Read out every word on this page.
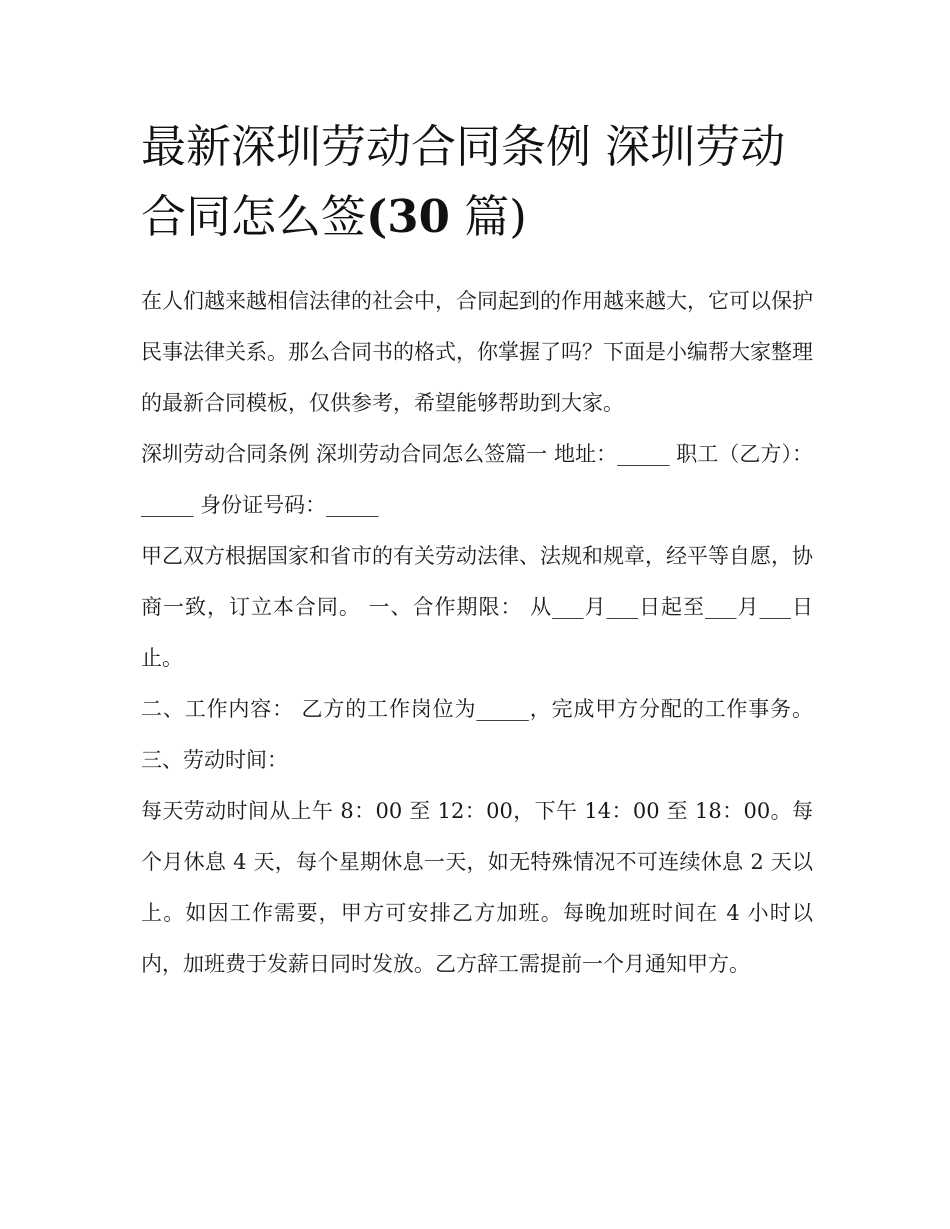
最新深圳劳动合同条例 深圳劳动合同怎么签(30 篇)

在人们越来越相信法律的社会中，合同起到的作用越来越大，它可以保护民事法律关系。那么合同书的格式，你掌握了吗？下面是小编帮大家整理的最新合同模板，仅供参考，希望能够帮助到大家。

深圳劳动合同条例 深圳劳动合同怎么签篇一 地址：_____ 职工（乙方）：_____ 身份证号码：_____

甲乙双方根据国家和省市的有关劳动法律、法规和规章，经平等自愿，协商一致，订立本合同。 一、合作期限： 从___月___日起至___月___日止。

二、工作内容： 乙方的工作岗位为_____，完成甲方分配的工作事务。 三、劳动时间：

每天劳动时间从上午 8：00 至 12：00，下午 14：00 至 18：00。每个月休息 4 天，每个星期休息一天，如无特殊情况不可连续休息 2 天以上。如因工作需要，甲方可安排乙方加班。每晚加班时间在 4 小时以内，加班费于发薪日同时发放。乙方辞工需提前一个月通知甲方。
